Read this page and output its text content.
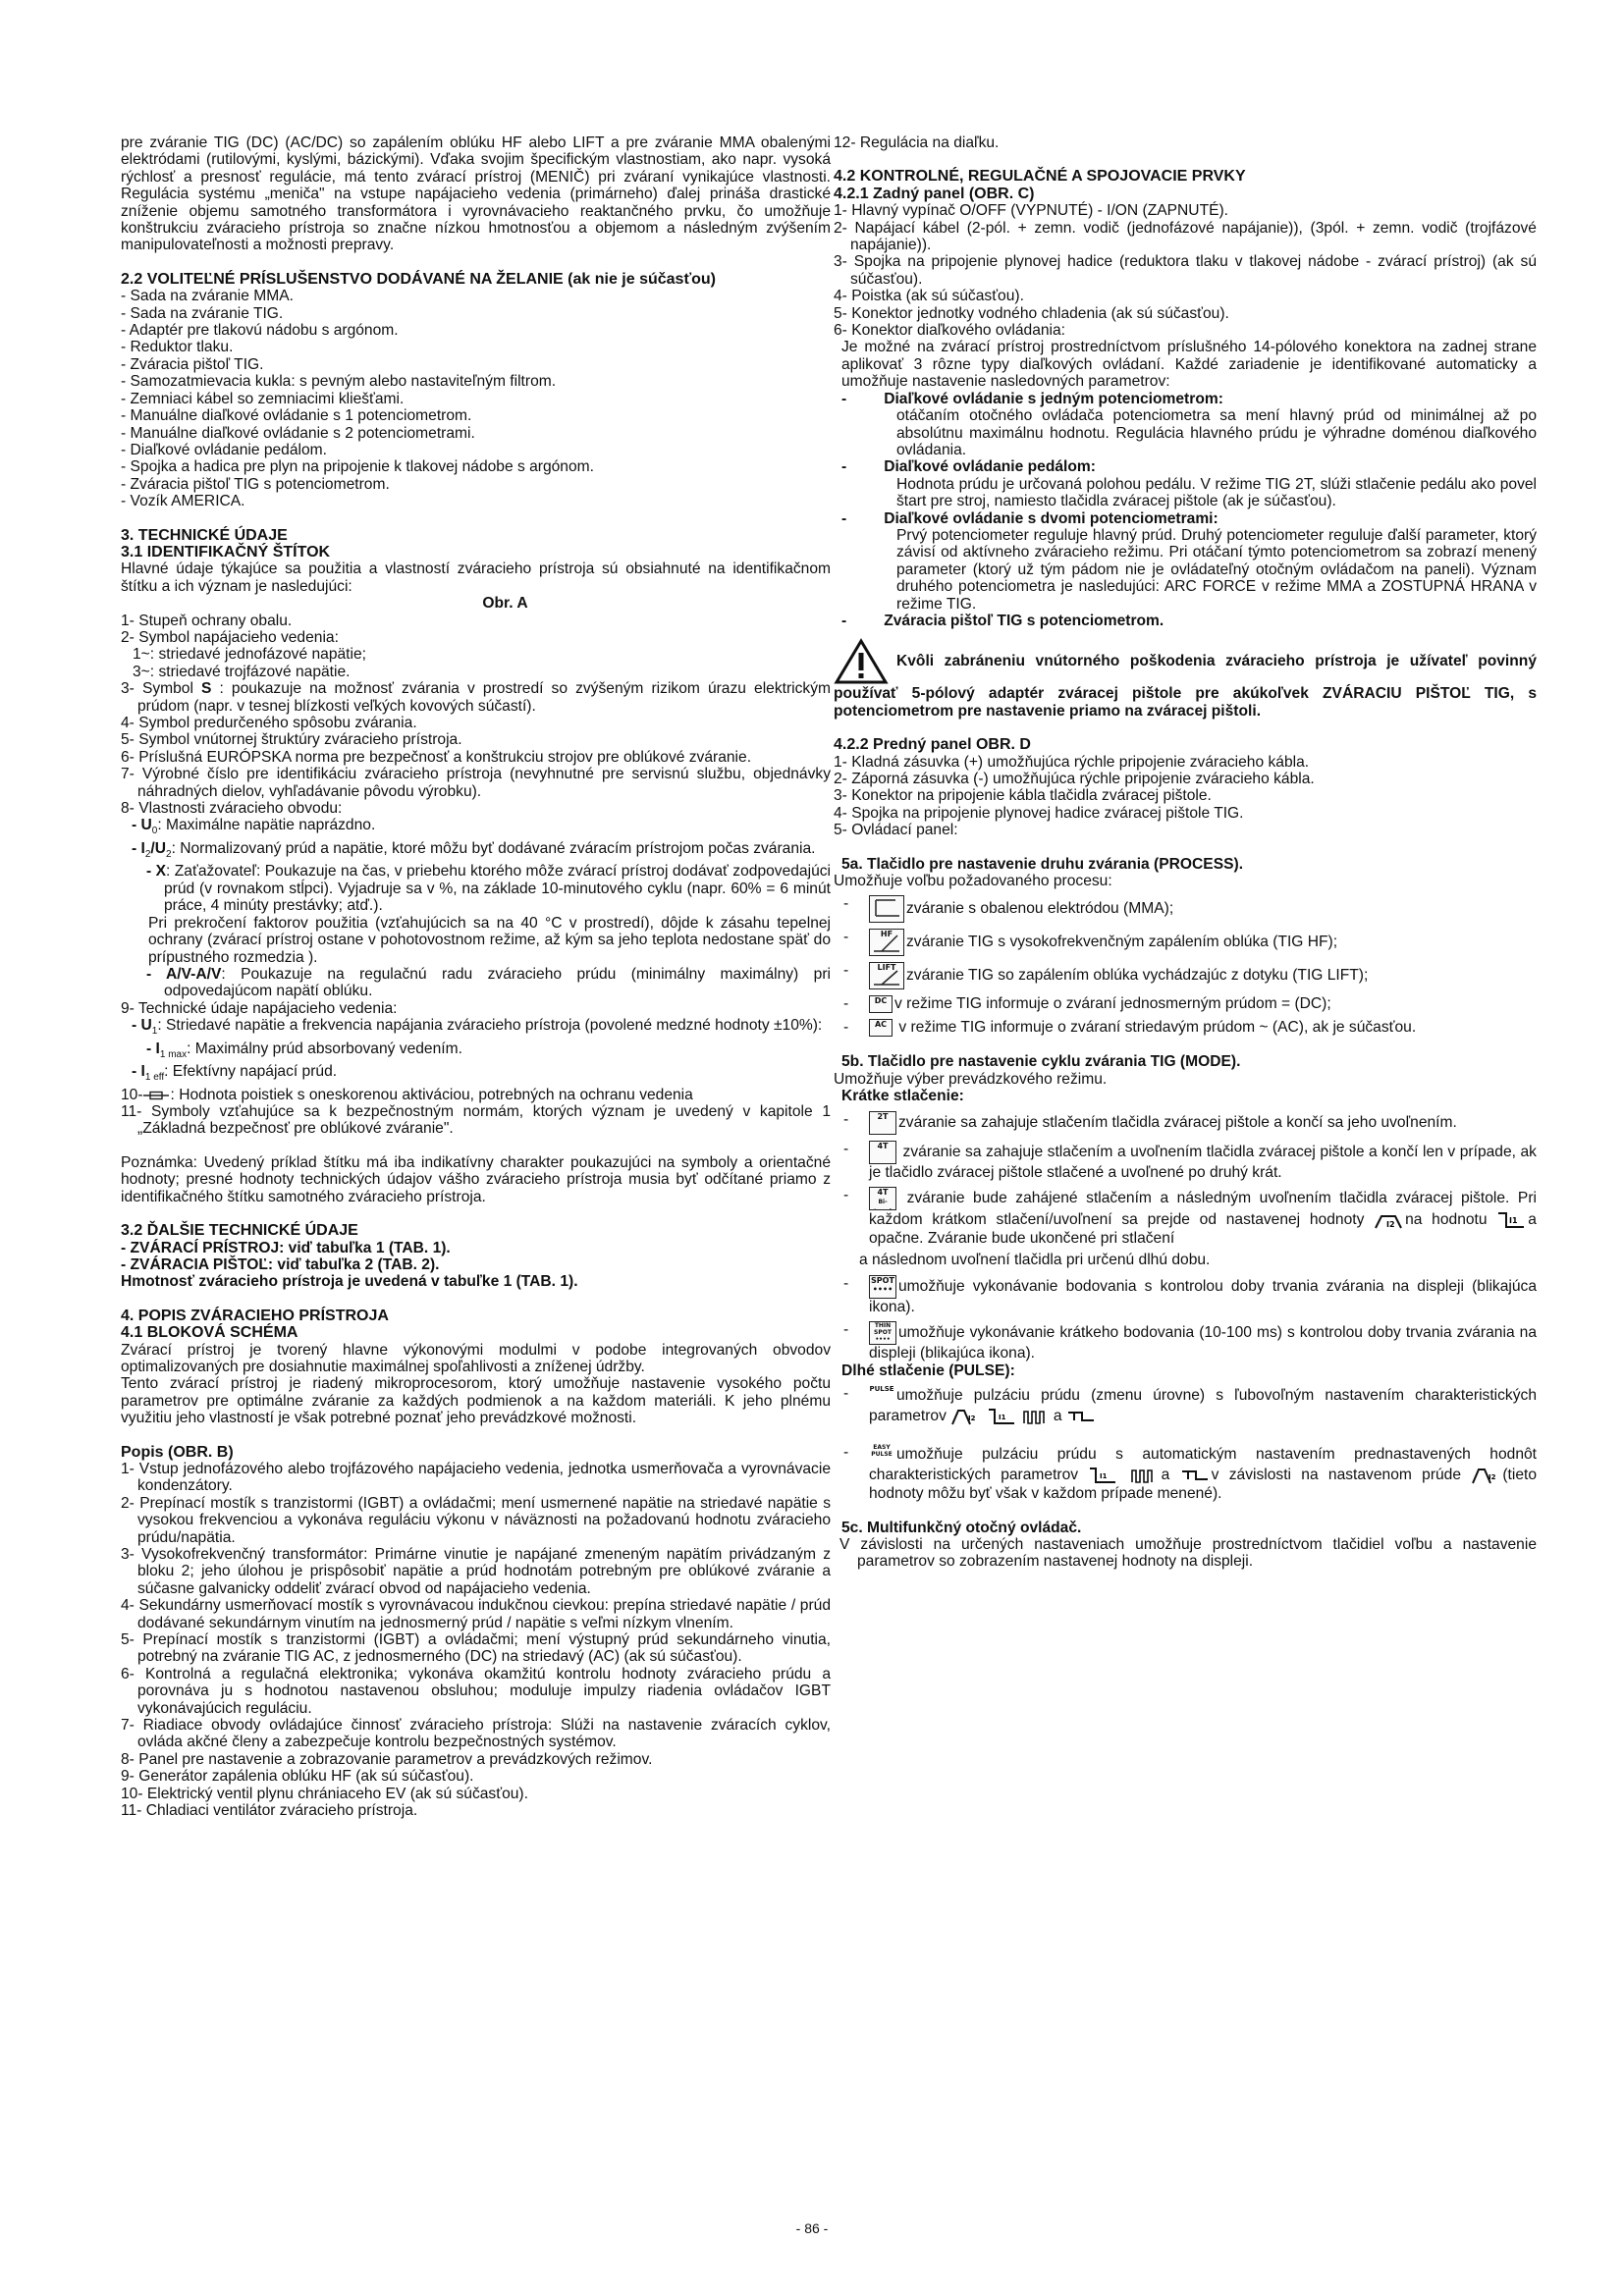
pre zváranie TIG (DC) (AC/DC) so zapálením oblúku HF alebo LIFT a pre zváranie MMA obalenými elektródami (rutilovými, kyslými, bázickými). Vďaka svojim špecifickým vlastnostiam, ako napr. vysoká rýchlosť a presnosť regulácie, má tento zvárací prístroj (MENIČ) pri zváraní vynikajúce vlastnosti. Regulácia systému „meniča" na vstupe napájacieho vedenia (primárneho) ďalej prináša drastické zníženie objemu samotného transformátora i vyrovnávacieho reaktančného prvku, čo umožňuje konštrukciu zváracieho prístroja so značne nízkou hmotnosťou a objemom a následným zvýšením manipulovateľnosti a možnosti prepravy.

2.2 VOLITEĽNÉ PRÍSLUŠENSTVO DODÁVANÉ NA ŽELANIE (ak nie je súčasťou)

- Sada na zváranie MMA.

- Sada na zváranie TIG.

- Adaptér pre tlakovú nádobu s argónom.

- Reduktor tlaku.

- Zváracia pištoľ TIG.

- Samozatmievacia kukla: s pevným alebo nastaviteľným filtrom.

- Zemniaci kábel so zemniacimi kliešťami.

- Manuálne diaľkové ovládanie s 1 potenciometrom.

- Manuálne diaľkové ovládanie s 2 potenciometrami.

- Diaľkové ovládanie pedálom.

- Spojka a hadica pre plyn na pripojenie k tlakovej nádobe s argónom.

- Zváracia pištoľ TIG s potenciometrom.

- Vozík AMERICA.

3. TECHNICKÉ ÚDAJE
3.1 IDENTIFIKAČNÝ ŠTÍTOK

Hlavné údaje týkajúce sa použitia a vlastností zváracieho prístroja sú obsiahnuté na identifikačnom štítku a ich význam je nasledujúci:

Obr. A

1- Stupeň ochrany obalu.

2- Symbol napájacieho vedenia:

1~: striedavé jednofázové napätie;

3~: striedavé trojfázové napätie.

3- Symbol S : poukazuje na možnosť zvárania v prostredí so zvýšeným rizikom úrazu elektrickým prúdom (napr. v tesnej blízkosti veľkých kovových súčastí).

4- Symbol predurčeného spôsobu zvárania.

5- Symbol vnútornej štruktúry zváracieho prístroja.

6- Príslušná EURÓPSKA norma pre bezpečnosť a konštrukciu strojov pre oblúkové zváranie.

7- Výrobné číslo pre identifikáciu zváracieho prístroja (nevyhnutné pre servisnú službu, objednávky náhradných dielov, vyhľadávanie pôvodu výrobku).

8- Vlastnosti zváracieho obvodu:

- $U_0$: Maximálne napätie naprázdno.

- $I_2/U_2$: Normalizovaný prúd a napätie, ktoré môžu byť dodávané zváracím prístrojom počas zvárania.

- X: Zaťažovateľ: Poukazuje na čas, v priebehu ktorého môže zvárací prístroj dodávať zodpovedajúci prúd (v rovnakom stĺpci). Vyjadruje sa v %, na základe 10-minutového cyklu (napr. 60% = 6 minút práce, 4 minúty prestávky; atď.).

Pri prekročení faktorov použitia (vzťahujúcich sa na 40 °C v prostredí), dôjde k zásahu tepelnej ochrany (zvárací prístroj ostane v pohotovostnom režime, až kým sa jeho teplota nedostane späť do prípustného rozmedzia ).

- A/V-A/V: Poukazuje na regulačnú radu zváracieho prúdu (minimálny maximálny) pri odpovedajúcom napätí oblúku.

9- Technické údaje napájacieho vedenia:

- $U_1$: Striedavé napätie a frekvencia napájania zváracieho prístroja (povolené medzné hodnoty ±10%):

- $I_{1 max}$: Maximálny prúd absorbovaný vedením.

- $I_{1 eff}$: Efektívny napájací prúd.

10- : Hodnota poistiek s oneskorenou aktiváciou, potrebných na ochranu vedenia

11- Symboly vzťahujúce sa k bezpečnostným normám, ktorých význam je uvedený v kapitole 1 „Základná bezpečnosť pre oblúkové zváranie".

Poznámka: Uvedený príklad štítku má iba indikatívny charakter poukazujúci na symboly a orientačné hodnoty; presné hodnoty technických údajov vášho zváracieho prístroja musia byť odčítané priamo z identifikačného štítku samotného zváracieho prístroja.

3.2 ĎALŠIE TECHNICKÉ ÚDAJE

- ZVÁRACÍ PRÍSTROJ: viď tabuľka 1 (TAB. 1).

- ZVÁRACIA PIŠTOĽ: viď tabuľka 2 (TAB. 2).

Hmotnosť zváracieho prístroja je uvedená v tabuľke 1 (TAB. 1).

4. POPIS ZVÁRACIEHO PRÍSTROJA
4.1 BLOKOVÁ SCHÉMA

Zvárací prístroj je tvorený hlavne výkonovými modulmi v podobe integrovaných obvodov optimalizovaných pre dosiahnutie maximálnej spoľahlivosti a zníženej údržby.

Tento zvárací prístroj je riadený mikroprocesorom, ktorý umožňuje nastavenie vysokého počtu parametrov pre optimálne zváranie za každých podmienok a na každom materiáli. K jeho plnému využitiu jeho vlastností je však potrebné poznať jeho prevádzkové možnosti.

Popis (OBR. B)

1- Vstup jednofázového alebo trojfázového napájacieho vedenia, jednotka usmerňovača a vyrovnávacie kondenzátory.

2- Prepínací mostík s tranzistormi (IGBT) a ovládačmi; mení usmernené napätie na striedavé napätie s vysokou frekvenciou a vykonáva reguláciu výkonu v náväznosti na požadovanú hodnotu zváracieho prúdu/napätia.

3- Vysokofrekvenčný transformátor: Primárne vinutie je napájané zmeneným napätím privádzaným z bloku 2; jeho úlohou je prispôsobiť napätie a prúd hodnotám potrebným pre oblúkové zváranie a súčasne galvanicky oddeliť zvárací obvod od napájacieho vedenia.

4- Sekundárny usmerňovací mostík s vyrovnávacou indukčnou cievkou: prepína striedavé napätie / prúd dodávané sekundárnym vinutím na jednosmerný prúd / napätie s veľmi nízkym vlnením.

5- Prepínací mostík s tranzistormi (IGBT) a ovládačmi; mení výstupný prúd sekundárneho vinutia, potrebný na zváranie TIG AC, z jednosmerného (DC) na striedavý (AC) (ak sú súčasťou).

6- Kontrolná a regulačná elektronika; vykonáva okamžitú kontrolu hodnoty zváracieho prúdu a porovnáva ju s hodnotou nastavenou obsluhou; moduluje impulzy riadenia ovládačov IGBT vykonávajúcich reguláciu.

7- Riadiace obvody ovládajúce činnosť zváracieho prístroja: Slúži na nastavenie zváracích cyklov, ovláda akčné členy a zabezpečuje kontrolu bezpečnostných systémov.

8- Panel pre nastavenie a zobrazovanie parametrov a prevádzkových režimov.

9- Generátor zapálenia oblúku HF (ak sú súčasťou).

10- Elektrický ventil plynu chrániaceho EV (ak sú súčasťou).

11- Chladiaci ventilátor zváracieho prístroja.

12- Regulácia na diaľku.

4.2 KONTROLNÉ, REGULAČNÉ A SPOJOVACIE PRVKY
4.2.1 Zadný panel (OBR. C)

1- Hlavný vypínač O/OFF (VYPNUTÉ) - I/ON (ZAPNUTÉ).

2- Napájací kábel (2-pól. + zemn. vodič (jednofázové napájanie)), (3pól. + zemn. vodič (trojfázové napájanie)).

3- Spojka na pripojenie plynovej hadice (reduktora tlaku v tlakovej nádobe - zvárací prístroj) (ak sú súčasťou).

4- Poistka (ak sú súčasťou).

5- Konektor jednotky vodného chladenia (ak sú súčasťou).

6- Konektor diaľkového ovládania:

Je možné na zvárací prístroj prostredníctvom príslušného 14-pólového konektora na zadnej strane aplikovať 3 rôzne typy diaľkových ovládaní. Každé zariadenie je identifikované automaticky a umožňuje nastavenie nasledovných parametrov:

- Diaľkové ovládanie s jedným potenciometrom:

otáčaním otočného ovládača potenciometra sa mení hlavný prúd od minimálnej až po absolútnu maximálnu hodnotu. Regulácia hlavného prúdu je výhradne doménou diaľkového ovládania.

- Diaľkové ovládanie pedálom:

Hodnota prúdu je určovaná polohou pedálu. V režime TIG 2T, slúži stlačenie pedálu ako povel štart pre stroj, namiesto tlačidla zváracej pištole (ak je súčasťou).

- Diaľkové ovládanie s dvomi potenciometrami:

Prvý potenciometer reguluje hlavný prúd. Druhý potenciometer reguluje ďalší parameter, ktorý závisí od aktívneho zváracieho režimu. Pri otáčaní týmto potenciometrom sa zobrazí menený parameter (ktorý už tým pádom nie je ovládateľný otočným ovládačom na paneli). Význam druhého potenciometra je nasledujúci: ARC FORCE v režime MMA a ZOSTUPNÁ HRANA v režime TIG.

- Zváracia pištoľ TIG s potenciometrom.

Kvôli zabráneniu vnútorného poškodenia zváracieho prístroja je užívateľ povinný používať 5-pólový adaptér zváracej pištole pre akúkoľvek ZVÁRACIU PIŠTOĽ TIG, s potenciometrom pre nastavenie priamo na zváracej pištoli.

4.2.2 Predný panel OBR. D

1- Kladná zásuvka (+) umožňujúca rýchle pripojenie zváracieho kábla.

2- Záporná zásuvka (-) umožňujúca rýchle pripojenie zváracieho kábla.

3- Konektor na pripojenie kábla tlačidla zváracej pištole.

4- Spojka na pripojenie plynovej hadice zváracej pištole TIG.

5- Ovládací panel:

5a. Tlačidlo pre nastavenie druhu zvárania (PROCESS).

Umožňuje voľbu požadovaného procesu:

-	zváranie s obalenou elektródou (MMA);
-	HF zváranie TIG s vysokofrekvenčným zapálením oblúka (TIG HF);
-	LIFT zváranie TIG so zapálením oblúka vychádzajúc z dotyku (TIG LIFT);
-	DC v režime TIG informuje o zváraní jednosmerným prúdom = (DC);
-	AC v režime TIG informuje o zváraní striedavým prúdom ~ (AC), ak je súčasťou.

5b. Tlačidlo pre nastavenie cyklu zvárania TIG (MODE).

Umožňuje výber prevádzkového režimu.

Krátke stlačenie:

-	2T zváranie sa zahajuje stlačením tlačidla zváracej pištole a končí sa jeho uvoľnením.
-	4T zváranie sa zahajuje stlačením a uvoľnením tlačidla zváracej pištole a končí len v prípade, ak je tlačidlo zváracej pištole stlačené a uvoľnené po druhý krát.
-	4T
Bi- zváranie bude zahájené stlačením a následným uvoľnením tlačidla zváracej pištole. Pri každom krátkom stlačení/uvoľnení sa prejde od nastavenej hodnoty	I2 na hodnotu	I1 a opačne. Zváranie bude ukončené pri stlačení

a následnom uvoľnení tlačidla pri určenú dlhú dobu.

-	SPOT
•••• umožňuje vykonávanie bodovania s kontrolou doby trvania zvárania na displeji (blikajúca ikona).
-	THIN SPOT
•••• umožňuje vykonávanie krátkeho bodovania (10-100 ms) s kontrolou doby trvania zvárania na displeji (blikajúca ikona).

Dlhé stlačenie (PULSE):

-	PULSE umožňuje pulzáciu prúdu (zmenu úrovne) s ľubovoľným nastavením charakteristických parametrov	I2
	I1
	a
-	EASY PULSE umožňuje pulzáciu prúdu s automatickým nastavením prednastavených hodnôt charakteristických parametrov	I1
	a	v závislosti na nastavenom prúde	I2 (tieto hodnoty môžu byť však v každom prípade menené).

5c. Multifunkčný otočný ovládač.

V závislosti na určených nastaveniach umožňuje prostredníctvom tlačidiel voľbu a nastavenie parametrov so zobrazením nastavenej hodnoty na displeji.

- 86 -
